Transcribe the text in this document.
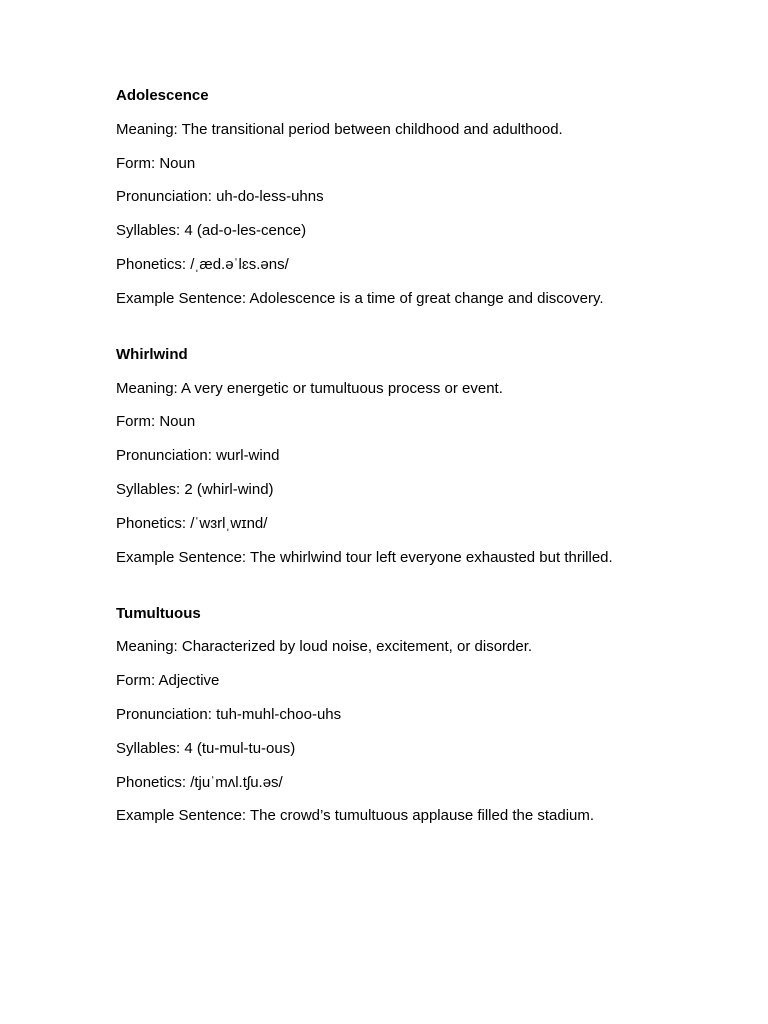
Adolescence
Meaning: The transitional period between childhood and adulthood.
Form: Noun
Pronunciation: uh-do-less-uhns
Syllables: 4 (ad-o-les-cence)
Phonetics: /ˌæd.əˈlɛs.əns/
Example Sentence: Adolescence is a time of great change and discovery.
Whirlwind
Meaning: A very energetic or tumultuous process or event.
Form: Noun
Pronunciation: wurl-wind
Syllables: 2 (whirl-wind)
Phonetics: /ˈwɜrlˌwɪnd/
Example Sentence: The whirlwind tour left everyone exhausted but thrilled.
Tumultuous
Meaning: Characterized by loud noise, excitement, or disorder.
Form: Adjective
Pronunciation: tuh-muhl-choo-uhs
Syllables: 4 (tu-mul-tu-ous)
Phonetics: /tjuˈmʌl.tʃu.əs/
Example Sentence: The crowd’s tumultuous applause filled the stadium.
